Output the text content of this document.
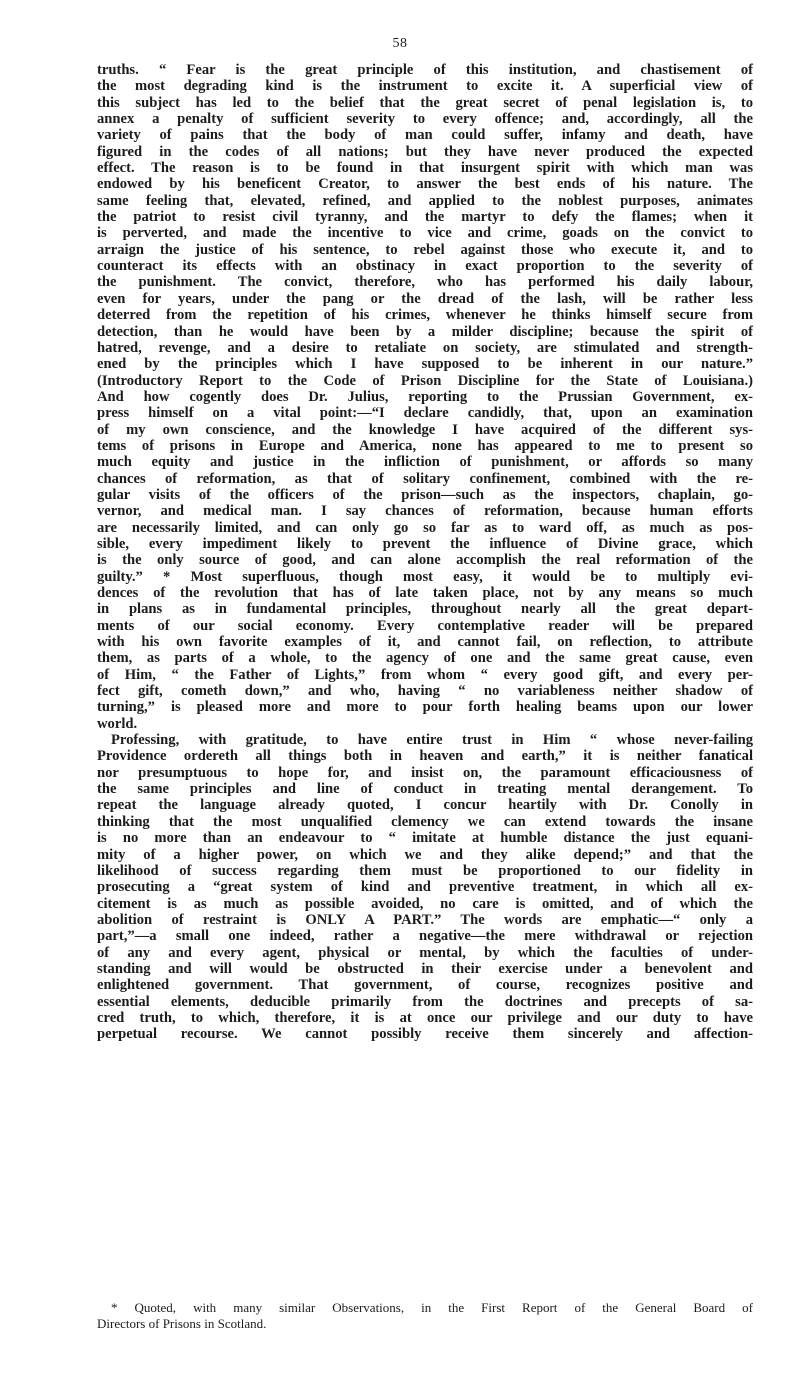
58
truths. “ Fear is the great principle of this institution, and chastisement of
the most degrading kind is the instrument to excite it. A superficial view of
this subject has led to the belief that the great secret of penal legislation is, to
annex a penalty of sufficient severity to every offence; and, accordingly, all the
variety of pains that the body of man could suffer, infamy and death, have
figured in the codes of all nations; but they have never produced the expected
effect. The reason is to be found in that insurgent spirit with which man was
endowed by his beneficent Creator, to answer the best ends of his nature. The
same feeling that, elevated, refined, and applied to the noblest purposes, animates
the patriot to resist civil tyranny, and the martyr to defy the flames; when it
is perverted, and made the incentive to vice and crime, goads on the convict to
arraign the justice of his sentence, to rebel against those who execute it, and to
counteract its effects with an obstinacy in exact proportion to the severity of
the punishment. The convict, therefore, who has performed his daily labour,
even for years, under the pang or the dread of the lash, will be rather less
deterred from the repetition of his crimes, whenever he thinks himself secure from
detection, than he would have been by a milder discipline; because the spirit of
hatred, revenge, and a desire to retaliate on society, are stimulated and strength-
ened by the principles which I have supposed to be inherent in our nature.”
(Introductory Report to the Code of Prison Discipline for the State of Louisiana.)
And how cogently does Dr. Julius, reporting to the Prussian Government, ex-
press himself on a vital point:—“I declare candidly, that, upon an examination
of my own conscience, and the knowledge I have acquired of the different sys-
tems of prisons in Europe and America, none has appeared to me to present so
much equity and justice in the infliction of punishment, or affords so many
chances of reformation, as that of solitary confinement, combined with the re-
gular visits of the officers of the prison—such as the inspectors, chaplain, go-
vernor, and medical man. I say chances of reformation, because human efforts
are necessarily limited, and can only go so far as to ward off, as much as pos-
sible, every impediment likely to prevent the influence of Divine grace, which
is the only source of good, and can alone accomplish the real reformation of the
guilty.” * Most superfluous, though most easy, it would be to multiply evi-
dences of the revolution that has of late taken place, not by any means so much
in plans as in fundamental principles, throughout nearly all the great depart-
ments of our social economy. Every contemplative reader will be prepared
with his own favorite examples of it, and cannot fail, on reflection, to attribute
them, as parts of a whole, to the agency of one and the same great cause, even
of Him, “ the Father of Lights,” from whom “ every good gift, and every per-
fect gift, cometh down,” and who, having “ no variableness neither shadow of
turning,” is pleased more and more to pour forth healing beams upon our lower
world.
Professing, with gratitude, to have entire trust in Him “ whose never-failing
Providence ordereth all things both in heaven and earth,” it is neither fanatical
nor presumptuous to hope for, and insist on, the paramount efficaciousness of
the same principles and line of conduct in treating mental derangement. To
repeat the language already quoted, I concur heartily with Dr. Conolly in
thinking that the most unqualified clemency we can extend towards the insane
is no more than an endeavour to “ imitate at humble distance the just equani-
mity of a higher power, on which we and they alike depend;” and that the
likelihood of success regarding them must be proportioned to our fidelity in
prosecuting a “great system of kind and preventive treatment, in which all ex-
citement is as much as possible avoided, no care is omitted, and of which the
abolition of restraint is ONLY A PART.” The words are emphatic—“ only a
part,”—a small one indeed, rather a negative—the mere withdrawal or rejection
of any and every agent, physical or mental, by which the faculties of under-
standing and will would be obstructed in their exercise under a benevolent and
enlightened government. That government, of course, recognizes positive and
essential elements, deducible primarily from the doctrines and precepts of sa-
cred truth, to which, therefore, it is at once our privilege and our duty to have
perpetual recourse. We cannot possibly receive them sincerely and affection-
* Quoted, with many similar Observations, in the First Report of the General Board of
Directors of Prisons in Scotland.
